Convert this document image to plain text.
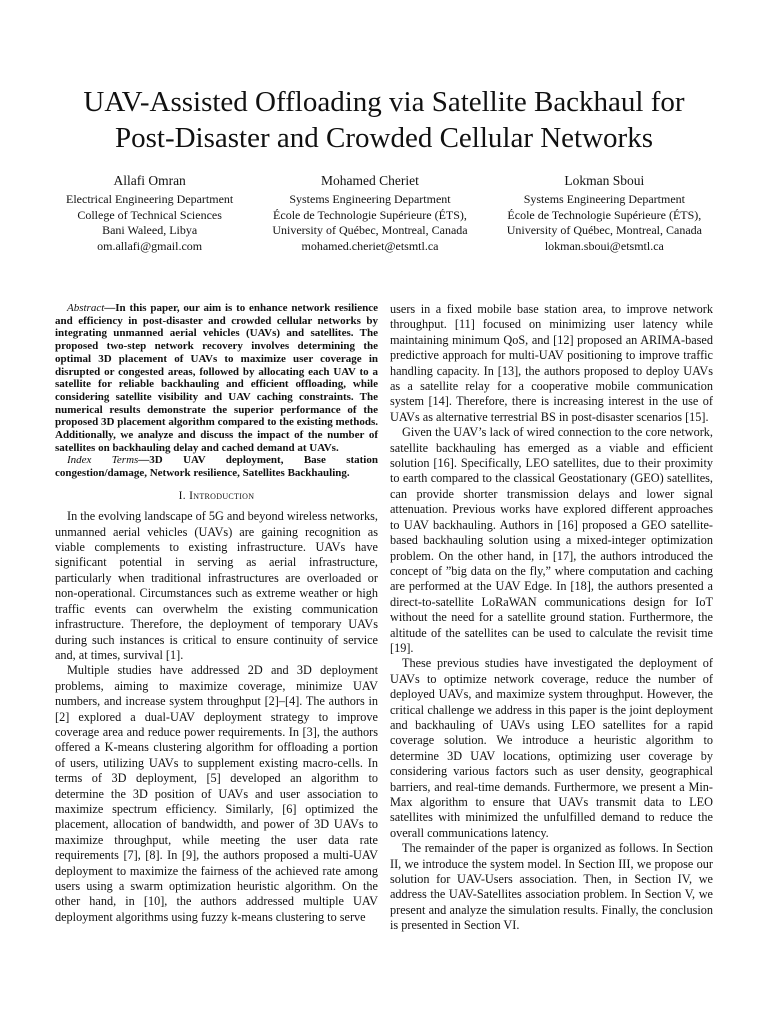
UAV-Assisted Offloading via Satellite Backhaul for
Post-Disaster and Crowded Cellular Networks
Allafi Omran
Electrical Engineering Department
College of Technical Sciences
Bani Waleed, Libya
om.allafi@gmail.com
Mohamed Cheriet
Systems Engineering Department
École de Technologie Supérieure (ÉTS),
University of Québec, Montreal, Canada
mohamed.cheriet@etsmtl.ca
Lokman Sboui
Systems Engineering Department
École de Technologie Supérieure (ÉTS),
University of Québec, Montreal, Canada
lokman.sboui@etsmtl.ca

Abstract—In this paper, our aim is to enhance network resilience and efficiency in post-disaster and crowded cellular networks by integrating unmanned aerial vehicles (UAVs) and satellites. The proposed two-step network recovery involves determining the optimal 3D placement of UAVs to maximize user coverage in disrupted or congested areas, followed by allocating each UAV to a satellite for reliable backhauling and efficient offloading, while considering satellite visibility and UAV caching constraints. The numerical results demonstrate the superior performance of the proposed 3D placement algorithm compared to the existing methods. Additionally, we analyze and discuss the impact of the number of satellites on backhauling delay and cached demand at UAVs.

Index Terms—3D UAV deployment, Base station congestion/damage, Network resilience, Satellites Backhauling.

I. Introduction

In the evolving landscape of 5G and beyond wireless networks, unmanned aerial vehicles (UAVs) are gaining recognition as viable complements to existing infrastructure. UAVs have significant potential in serving as aerial infrastructure, particularly when traditional infrastructures are overloaded or non-operational. Circumstances such as extreme weather or high traffic events can overwhelm the existing communication infrastructure. Therefore, the deployment of temporary UAVs during such instances is critical to ensure continuity of service and, at times, survival [1].

Multiple studies have addressed 2D and 3D deployment problems, aiming to maximize coverage, minimize UAV numbers, and increase system throughput [2]–[4]. The authors in [2] explored a dual-UAV deployment strategy to improve coverage area and reduce power requirements. In [3], the authors offered a K-means clustering algorithm for offloading a portion of users, utilizing UAVs to supplement existing macro-cells. In terms of 3D deployment, [5] developed an algorithm to determine the 3D position of UAVs and user association to maximize spectrum efficiency. Similarly, [6] optimized the placement, allocation of bandwidth, and power of 3D UAVs to maximize throughput, while meeting the user data rate requirements [7], [8]. In [9], the authors proposed a multi-UAV deployment to maximize the fairness of the achieved rate among users using a swarm optimization heuristic algorithm. On the other hand, in [10], the authors addressed multiple UAV deployment algorithms using fuzzy k-means clustering to serve

users in a fixed mobile base station area, to improve network throughput. [11] focused on minimizing user latency while maintaining minimum QoS, and [12] proposed an ARIMA-based predictive approach for multi-UAV positioning to improve traffic handling capacity. In [13], the authors proposed to deploy UAVs as a satellite relay for a cooperative mobile communication system [14]. Therefore, there is increasing interest in the use of UAVs as alternative terrestrial BS in post-disaster scenarios [15].

Given the UAV’s lack of wired connection to the core network, satellite backhauling has emerged as a viable and efficient solution [16]. Specifically, LEO satellites, due to their proximity to earth compared to the classical Geostationary (GEO) satellites, can provide shorter transmission delays and lower signal attenuation. Previous works have explored different approaches to UAV backhauling. Authors in [16] proposed a GEO satellite-based backhauling solution using a mixed-integer optimization problem. On the other hand, in [17], the authors introduced the concept of ”big data on the fly,” where computation and caching are performed at the UAV Edge. In [18], the authors presented a direct-to-satellite LoRaWAN communications design for IoT without the need for a satellite ground station. Furthermore, the altitude of the satellites can be used to calculate the revisit time [19].

These previous studies have investigated the deployment of UAVs to optimize network coverage, reduce the number of deployed UAVs, and maximize system throughput. However, the critical challenge we address in this paper is the joint deployment and backhauling of UAVs using LEO satellites for a rapid coverage solution. We introduce a heuristic algorithm to determine 3D UAV locations, optimizing user coverage by considering various factors such as user density, geographical barriers, and real-time demands. Furthermore, we present a Min-Max algorithm to ensure that UAVs transmit data to LEO satellites with minimized the unfulfilled demand to reduce the overall communications latency.

The remainder of the paper is organized as follows. In Section II, we introduce the system model. In Section III, we propose our solution for UAV-Users association. Then, in Section IV, we address the UAV-Satellites association problem. In Section V, we present and analyze the simulation results. Finally, the conclusion is presented in Section VI.
